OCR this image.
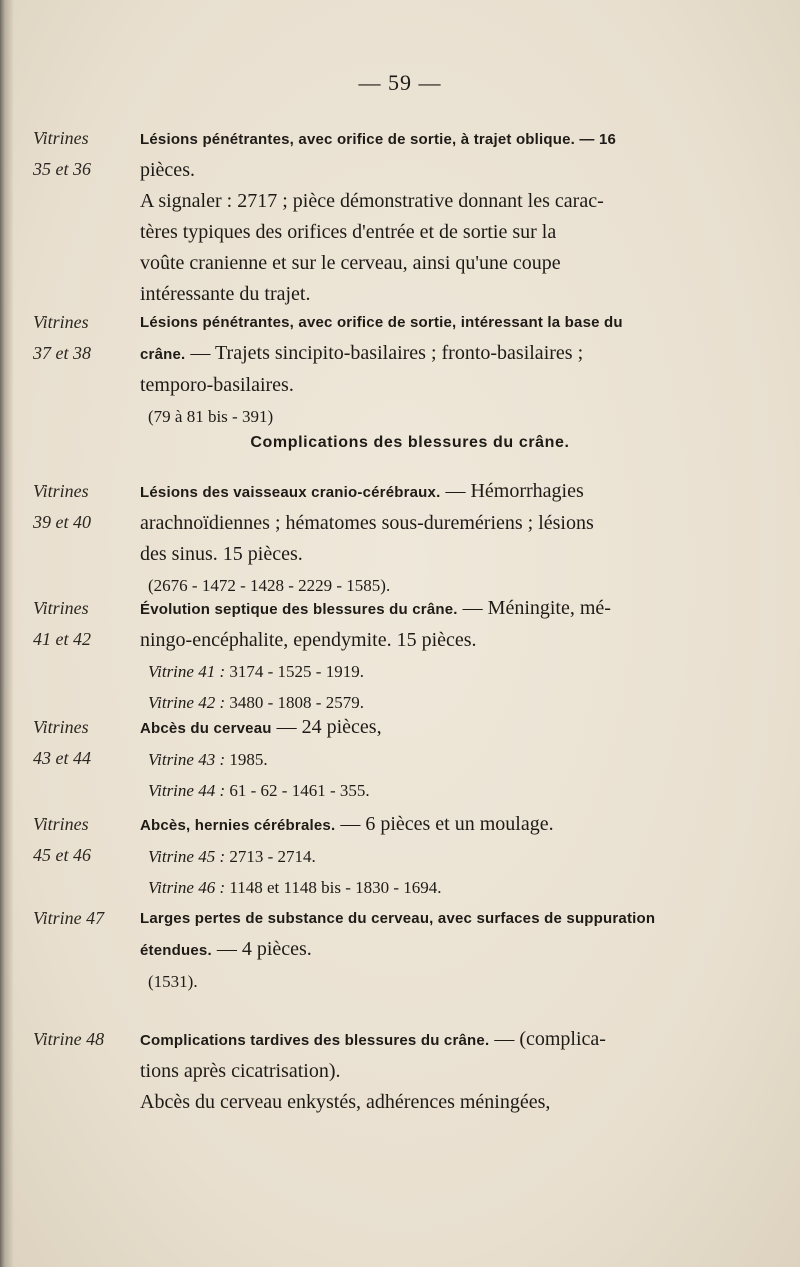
— 59 —
Vitrines
35 et 36
Lésions pénétrantes, avec orifice de sortie, à trajet oblique. — 16
pièces.
A signaler : 2717 ; pièce démonstrative donnant les carac-
tères typiques des orifices d'entrée et de sortie sur la
voûte cranienne et sur le cerveau, ainsi qu'une coupe
intéressante du trajet.
Vitrines
37 et 38
Lésions pénétrantes, avec orifice de sortie, intéressant la base du
crâne. — Trajets sincipito-basilaires ; fronto-basilaires ;
temporo-basilaires.
(79 à 81 bis - 391)
Complications des blessures du crâne.
Vitrines
39 et 40
Lésions des vaisseaux cranio-cérébraux. — Hémorrhagies
arachnoïdiennes ; hématomes sous-duremériens ; lésions
des sinus. 15 pièces.
(2676 - 1472 - 1428 - 2229 - 1585).
Vitrines
41 et 42
Évolution septique des blessures du crâne. — Méningite, mé-
ningo-encéphalite, ependymite. 15 pièces.
Vitrine 41 : 3174 - 1525 - 1919.
Vitrine 42 : 3480 - 1808 - 2579.
Vitrines
43 et 44
Abcès du cerveau — 24 pièces,
Vitrine 43 : 1985.
Vitrine 44 : 61 - 62 - 1461 - 355.
Vitrines
45 et 46
Abcès, hernies cérébrales. — 6 pièces et un moulage.
Vitrine 45 : 2713 - 2714.
Vitrine 46 : 1148 et 1148 bis - 1830 - 1694.
Vitrine 47	Larges pertes de substance du cerveau, avec surfaces de suppuration
étendues. — 4 pièces.
(1531).
Vitrine 48	Complications tardives des blessures du crâne. — (complica-
tions après cicatrisation).
Abcès du cerveau enkystés, adhérences méningées,
